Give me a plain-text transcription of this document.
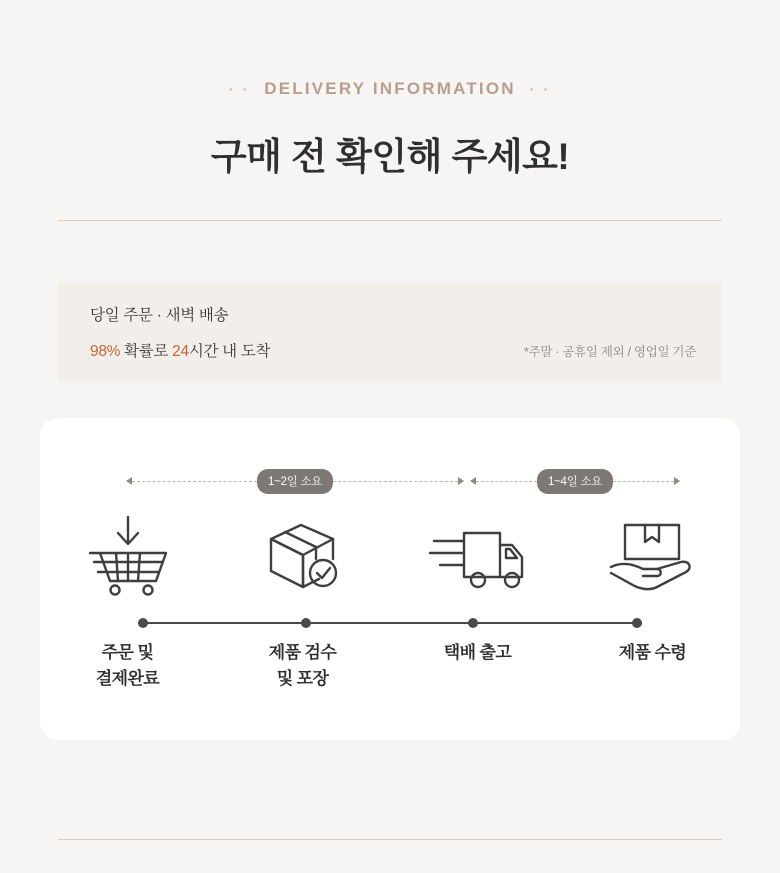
· · DELIVERY INFORMATION · ·
구매 전 확인해 주세요!
당일 주문 · 새벽 배송
98% 확률로 24시간 내 도착	*주말 · 공휴일 제외 / 영업일 기준
1~2일 소요	1~4일 소요
주문 및
결제완료
제품 검수
및 포장
택배 출고	제품 수령
